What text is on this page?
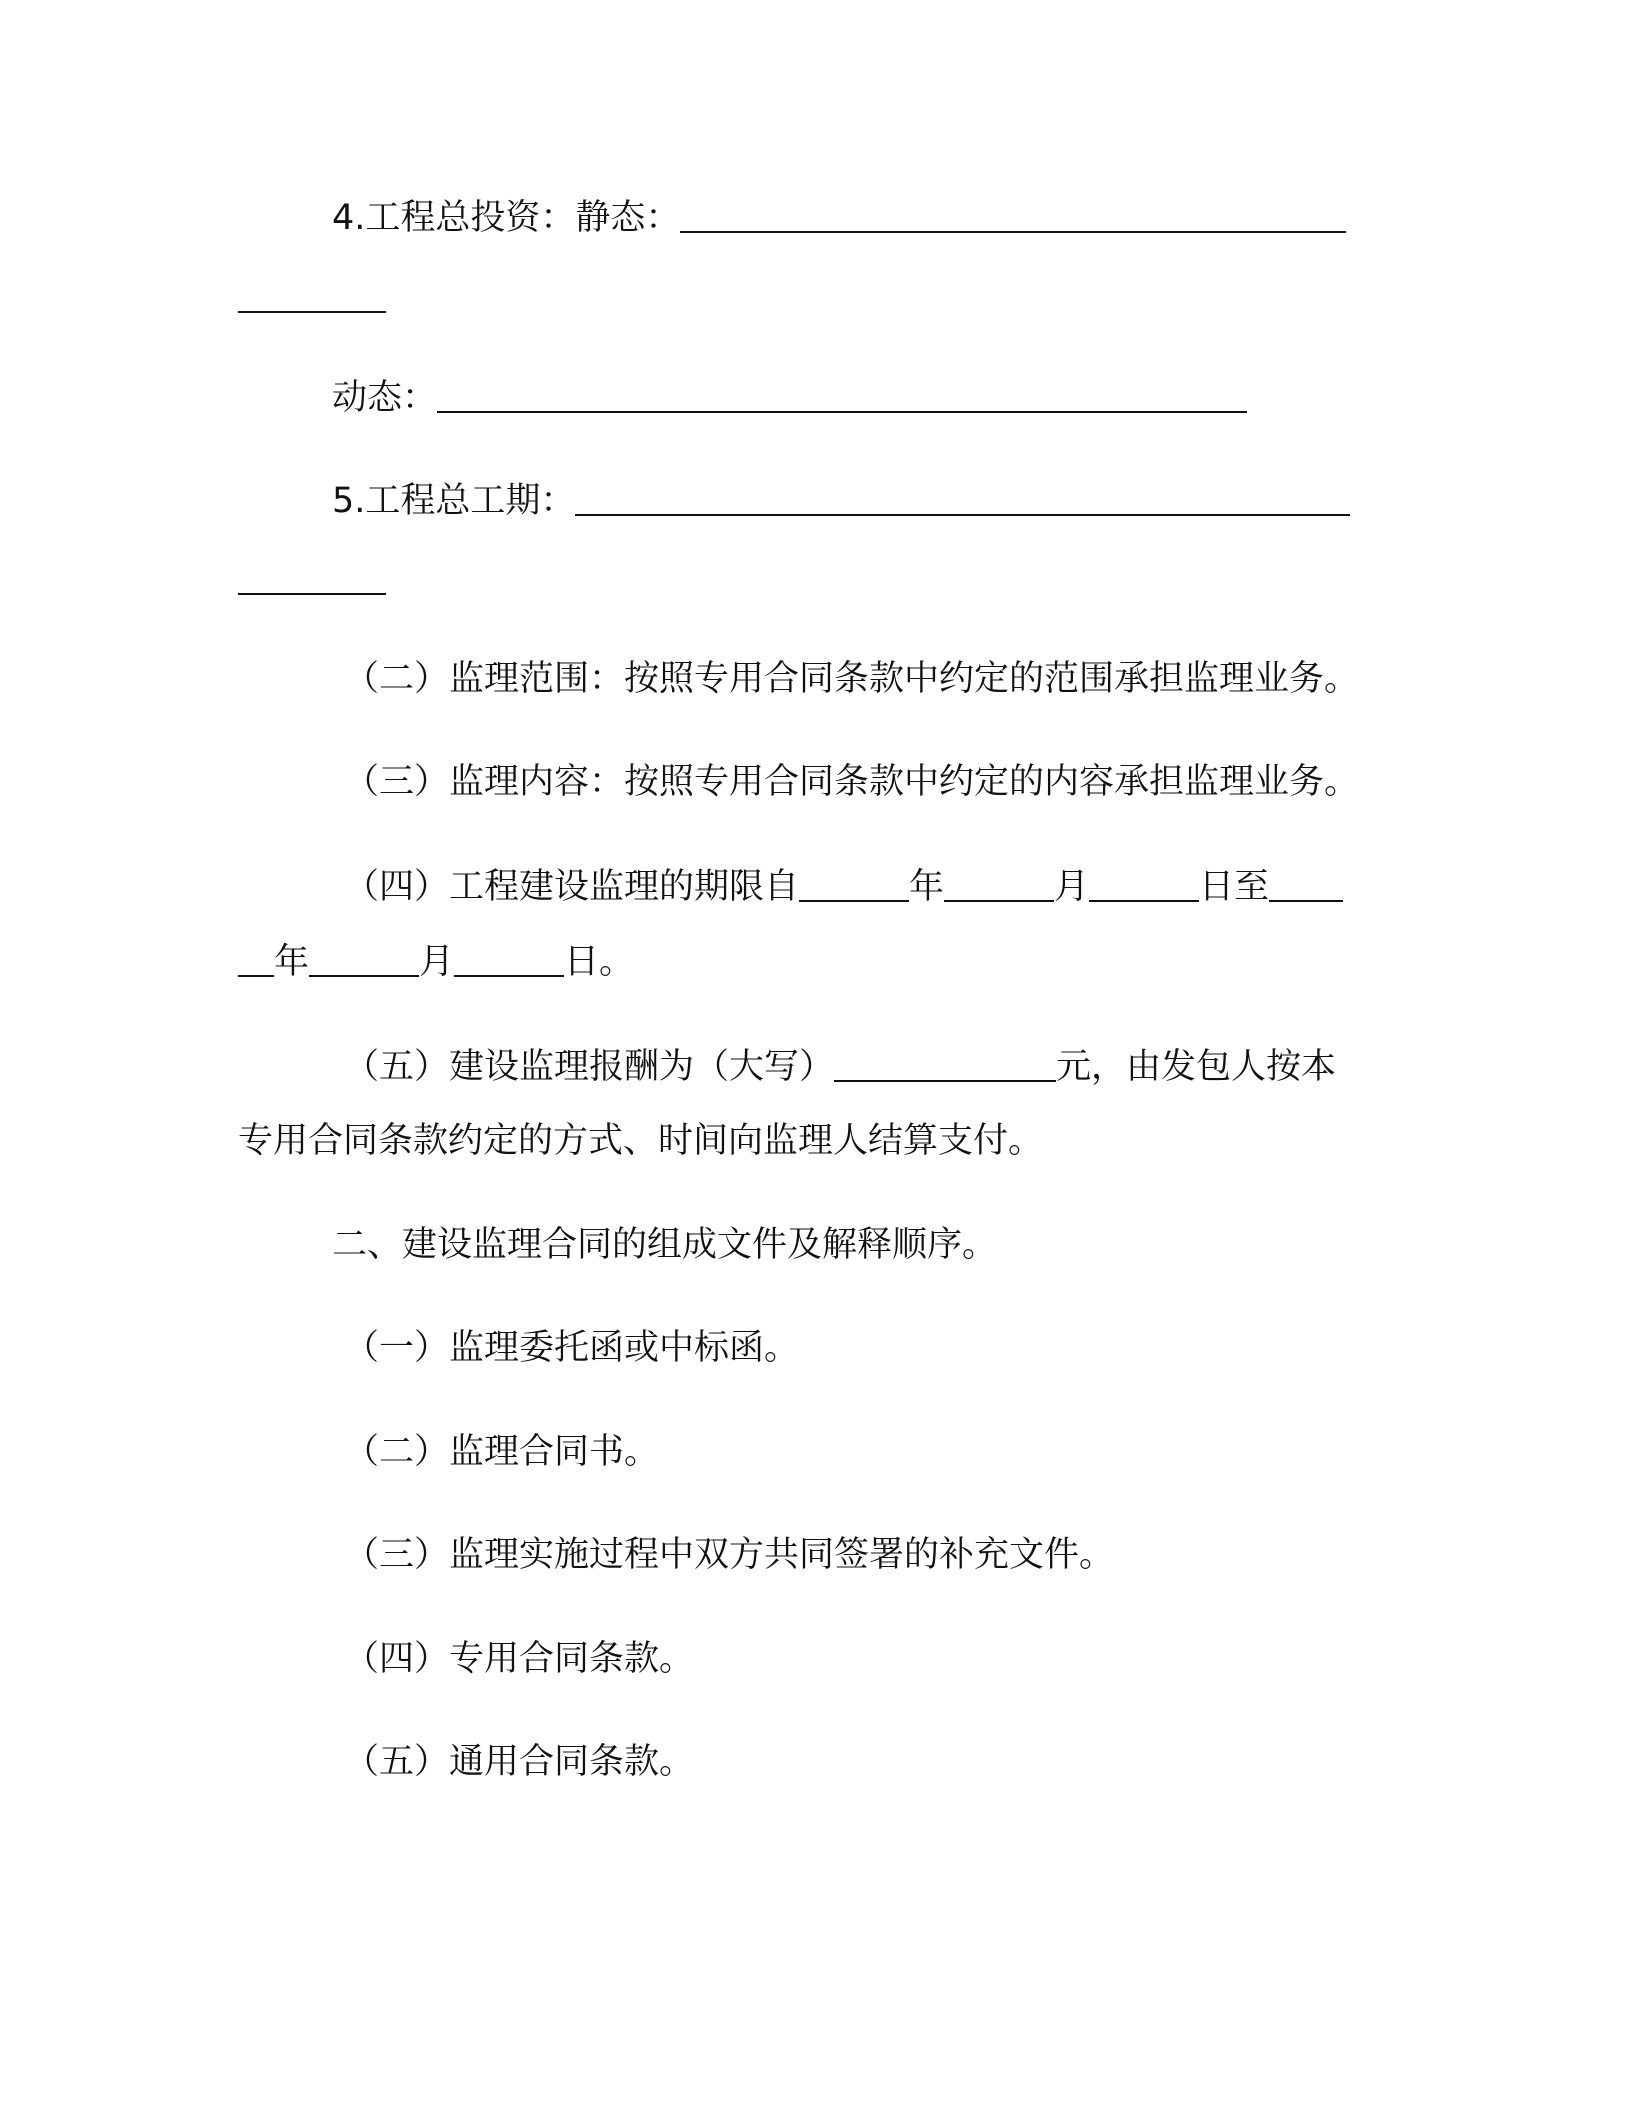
4.工程总投资：静态：
动态：
5.工程总工期：
（二）监理范围：按照专用合同条款中约定的范围承担监理业务。
（三）监理内容：按照专用合同条款中约定的内容承担监理业务。
（四）工程建设监理的期限自	年	月	日至
年	月	日。
（五）建设监理报酬为（大写）	元，由发包人按本
专用合同条款约定的方式、时间向监理人结算支付。
二、建设监理合同的组成文件及解释顺序。
（一）监理委托函或中标函。
（二）监理合同书。
（三）监理实施过程中双方共同签署的补充文件。
（四）专用合同条款。
（五）通用合同条款。
